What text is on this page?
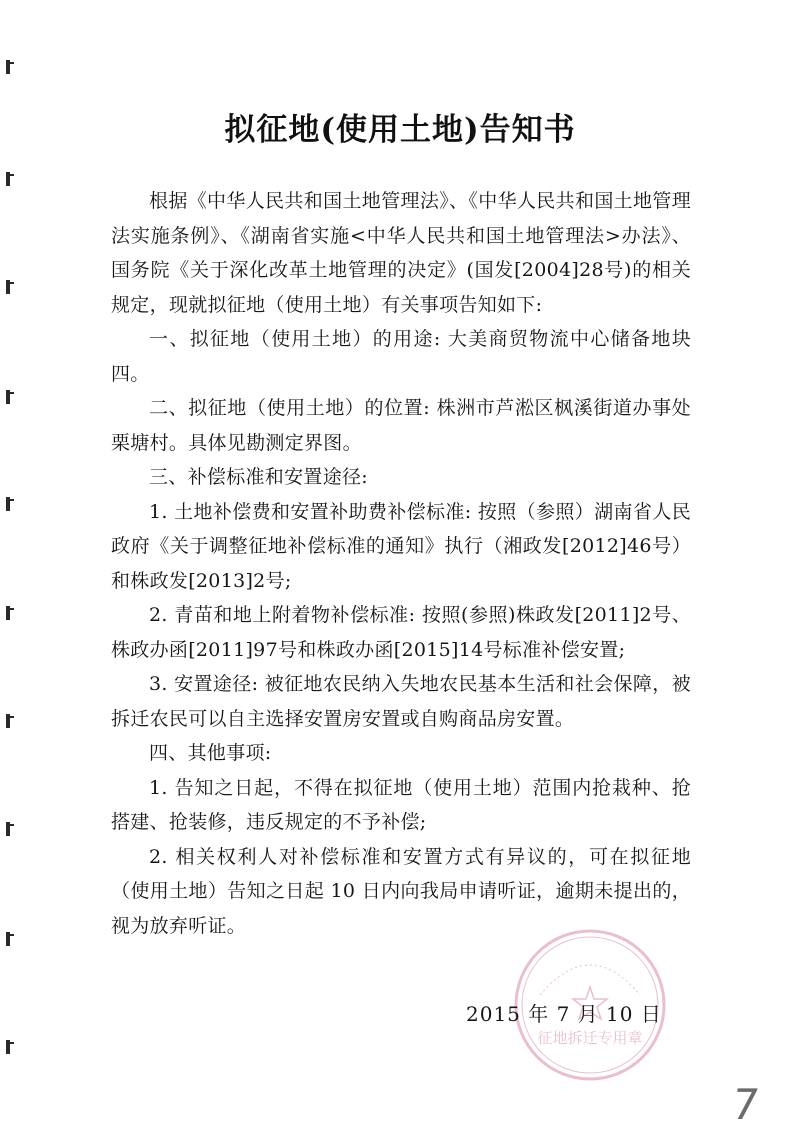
拟征地(使用土地)告知书

根据《中华人民共和国土地管理法》、《中华人民共和国土地管理法实施条例》、《湖南省实施<中华人民共和国土地管理法>办法》、国务院《关于深化改革土地管理的决定》(国发[2004]28号)的相关规定，现就拟征地（使用土地）有关事项告知如下:

一、拟征地（使用土地）的用途: 大美商贸物流中心储备地块四。

二、拟征地（使用土地）的位置: 株洲市芦淞区枫溪街道办事处栗塘村。具体见勘测定界图。

三、补偿标准和安置途径:

1. 土地补偿费和安置补助费补偿标准: 按照（参照）湖南省人民政府《关于调整征地补偿标准的通知》执行（湘政发[2012]46号）和株政发[2013]2号;

2. 青苗和地上附着物补偿标准: 按照(参照)株政发[2011]2号、株政办函[2011]97号和株政办函[2015]14号标准补偿安置;

3. 安置途径: 被征地农民纳入失地农民基本生活和社会保障，被拆迁农民可以自主选择安置房安置或自购商品房安置。

四、其他事项:

1. 告知之日起，不得在拟征地（使用土地）范围内抢栽种、抢搭建、抢装修，违反规定的不予补偿;

2. 相关权利人对补偿标准和安置方式有异议的，可在拟征地（使用土地）告知之日起 10 日内向我局申请听证，逾期未提出的，视为放弃听证。

征地拆迁专用章
2015 年 7 月 10 日
7
